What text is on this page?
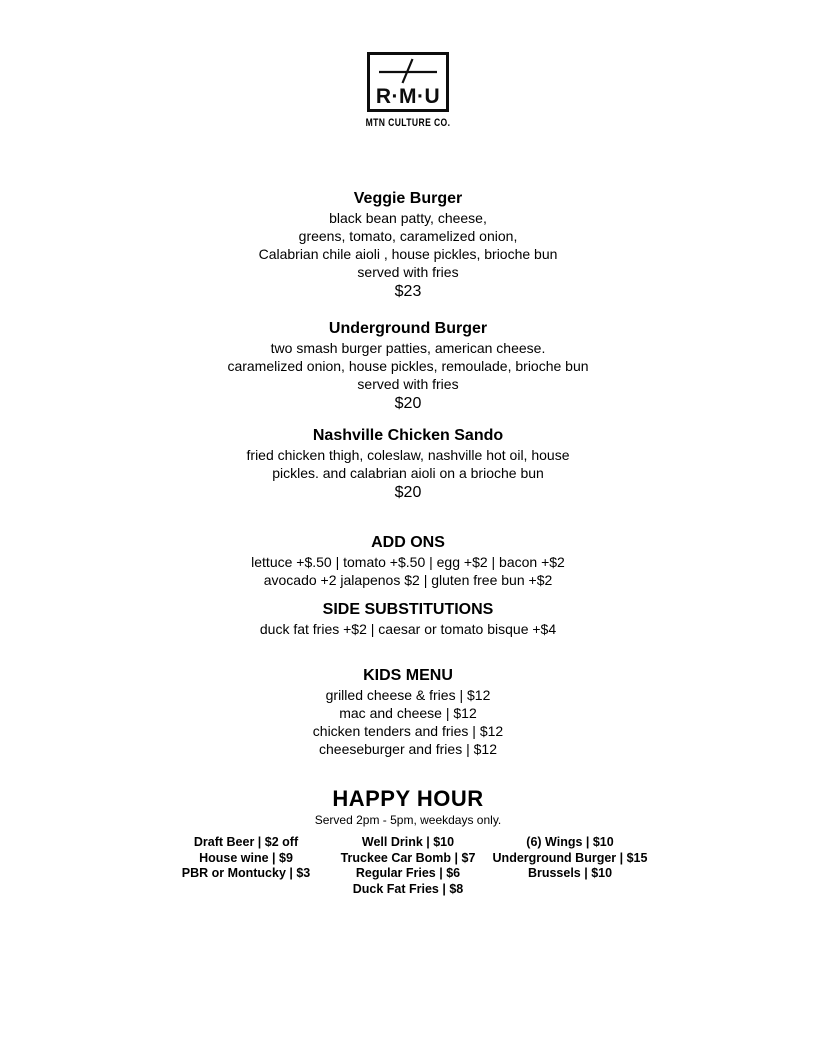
R·M·U
MTN CULTURE CO.
Veggie Burger
black bean patty, cheese,
greens, tomato, caramelized onion,
Calabrian chile aioli , house pickles, brioche bun
served with fries
$23
Underground Burger
two smash burger patties, american cheese.
caramelized onion, house pickles, remoulade, brioche bun
served with fries
$20
Nashville Chicken Sando
fried chicken thigh, coleslaw, nashville hot oil, house
pickles. and calabrian aioli on a brioche bun
$20
ADD ONS
lettuce +$.50 | tomato +$.50 | egg +$2 | bacon +$2
avocado +2 jalapenos $2 | gluten free bun +$2
SIDE SUBSTITUTIONS
duck fat fries +$2 | caesar or tomato bisque +$4
KIDS MENU
grilled cheese & fries | $12
mac and cheese | $12
chicken tenders and fries | $12
cheeseburger and fries | $12
HAPPY HOUR
Served 2pm - 5pm, weekdays only.
Draft Beer | $2 off
House wine | $9
PBR or Montucky | $3
Well Drink | $10
Truckee Car Bomb | $7
Regular Fries | $6
Duck Fat Fries | $8
(6) Wings | $10
Underground Burger | $15
Brussels | $10
